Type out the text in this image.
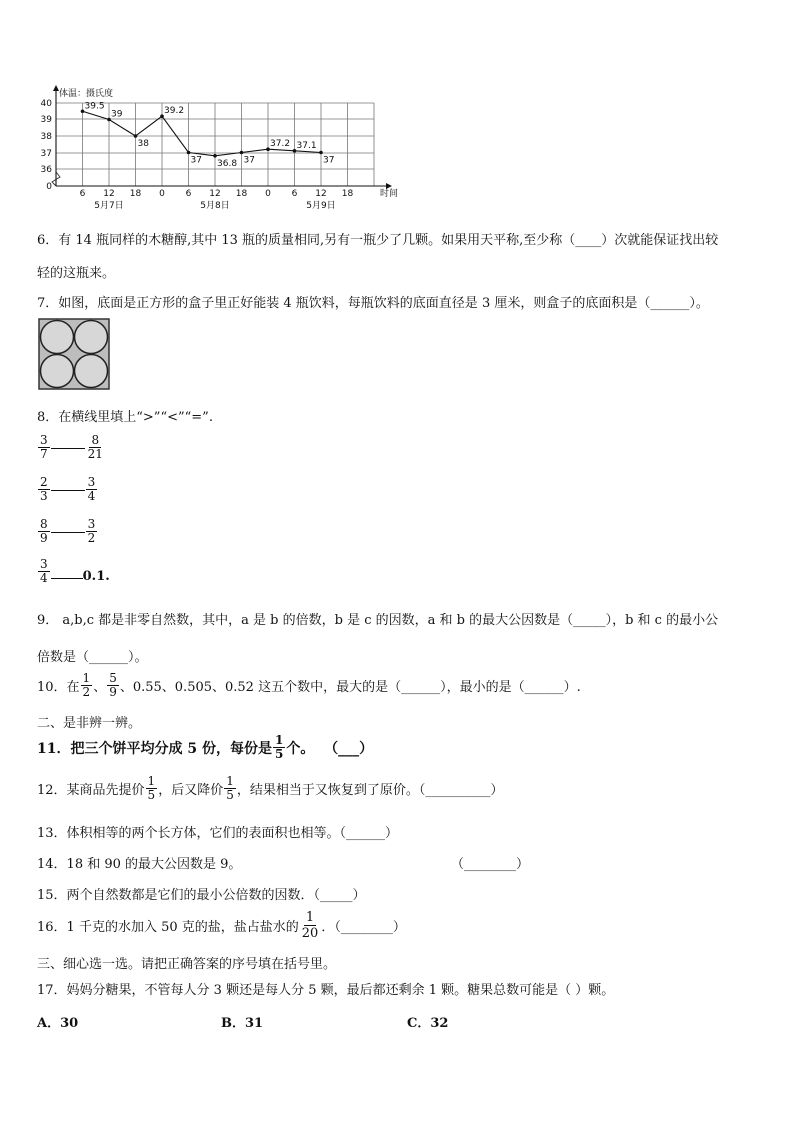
体温：摄氏度
40
39
38
37
36
0
6 12 18 0 6 12 18 0 6 12 18	时间
5月7日	5月8日	5月9日
39.5
39
38
39.2
37 36.8 37
37.2 37.1
37
6．有 14 瓶同样的木糖醇,其中 13 瓶的质量相同,另有一瓶少了几颗。如果用天平称,至少称（____）次就能保证找出较
轻的这瓶来。
7．如图，底面是正方形的盒子里正好能装 4 瓶饮料，每瓶饮料的底面直径是 3 厘米，则盒子的底面积是（______）。
8．在横线里填上“>”“<”“=”.
$\frac{3}{7}$	$\frac{8}{21}$
$\frac{2}{3}$	$\frac{3}{4}$
$\frac{8}{9}$	$\frac{3}{2}$
$\frac{3}{4}$	0.1.
9． a,b,c 都是非零自然数，其中，a 是 b 的倍数，b 是 c 的因数，a 和 b 的最大公因数是（_____），b 和 c 的最小公
倍数是（______）。
10．在 $\frac{1}{2}$ 、 $\frac{5}{9}$ 、0.55、0.505、0.52 这五个数中，最大的是（______），最小的是（______）.
二、是非辨一辨。
11．把三个饼平均分成 5 份，每份是 $\frac{1}{5}$ 个。  （___）
12．某商品先提价 $\frac{1}{5}$ ，后又降价 $\frac{1}{5}$ ，结果相当于又恢复到了原价。（__________）
13．体积相等的两个长方体，它们的表面积也相等。（______）
14．18 和 90 的最大公因数是 9。	（________）
15．两个自然数都是它们的最小公倍数的因数．（_____）
16．1 千克的水加入 50 克的盐，盐占盐水的 $\frac{1}{20}$ ．（________）
三、细心选一选。请把正确答案的序号填在括号里。
17．妈妈分糖果，不管每人分 3 颗还是每人分 5 颗，最后都还剩余 1 颗。糖果总数可能是（ ）颗。
A．30	B．31	C．32
